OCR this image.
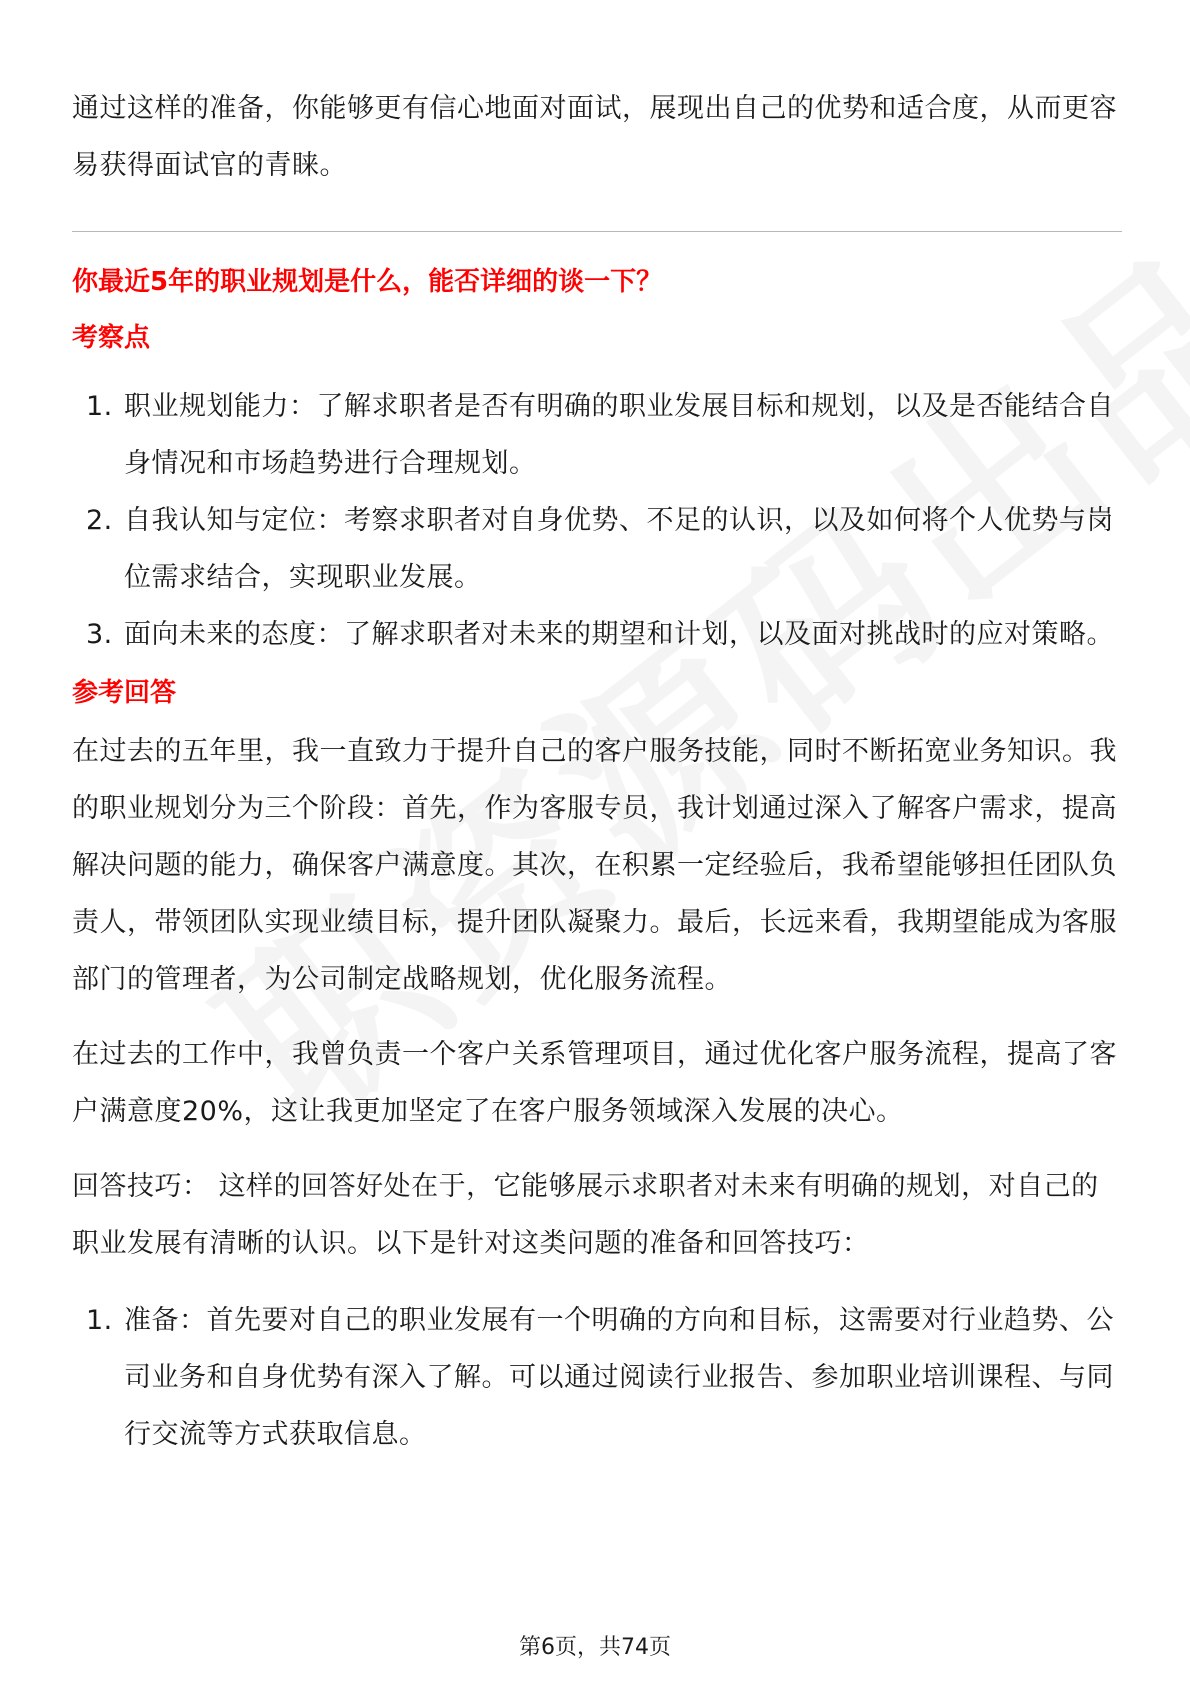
通过这样的准备，你能够更有信心地面对面试，展现出自己的优势和适合度，从而更容易获得面试官的青睐。

你最近5年的职业规划是什么，能否详细的谈一下？

考察点

1. 职业规划能力：了解求职者是否有明确的职业发展目标和规划，以及是否能结合自身情况和市场趋势进行合理规划。
2. 自我认知与定位：考察求职者对自身优势、不足的认识，以及如何将个人优势与岗位需求结合，实现职业发展。
3. 面向未来的态度：了解求职者对未来的期望和计划，以及面对挑战时的应对策略。

参考回答

在过去的五年里，我一直致力于提升自己的客户服务技能，同时不断拓宽业务知识。我的职业规划分为三个阶段：首先，作为客服专员，我计划通过深入了解客户需求，提高解决问题的能力，确保客户满意度。其次，在积累一定经验后，我希望能够担任团队负责人，带领团队实现业绩目标，提升团队凝聚力。最后，长远来看，我期望能成为客服部门的管理者，为公司制定战略规划，优化服务流程。

在过去的工作中，我曾负责一个客户关系管理项目，通过优化客户服务流程，提高了客户满意度20%，这让我更加坚定了在客户服务领域深入发展的决心。

回答技巧： 这样的回答好处在于，它能够展示求职者对未来有明确的规划，对自己的职业发展有清晰的认识。以下是针对这类问题的准备和回答技巧：

1. 准备：首先要对自己的职业发展有一个明确的方向和目标，这需要对行业趋势、公司业务和自身优势有深入了解。可以通过阅读行业报告、参加职业培训课程、与同行交流等方式获取信息。
第6页，共74页
